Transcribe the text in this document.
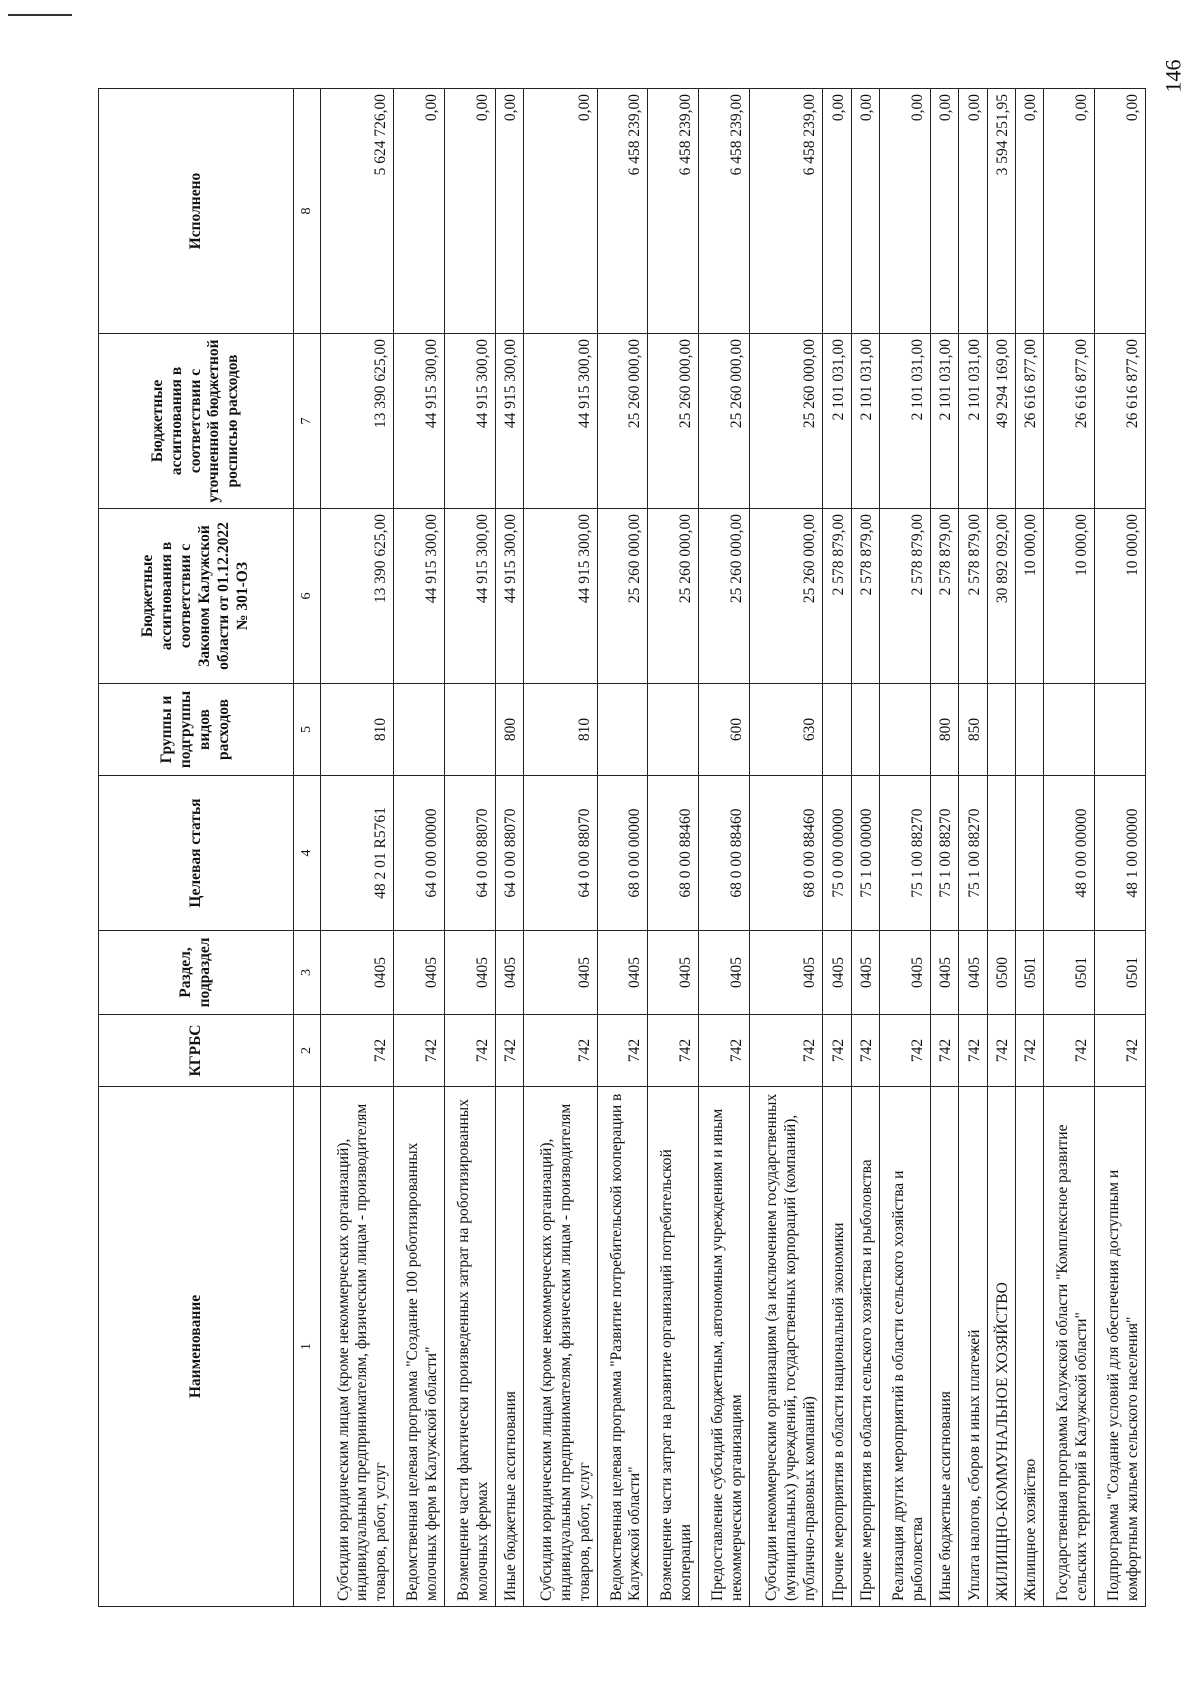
146
Наименование	КГРБС	Раздел, подраздел	Целевая статья	Группы и подгруппы видов расходов	Бюджетные ассигнования в соответствии с Законом Калужской области от 01.12.2022 № 301-ОЗ	Бюджетные ассигнования в соответствии с уточненной бюджетной росписью расходов	Исполнено
1	2	3	4	5	6	7	8
Субсидии юридическим лицам (кроме некоммерческих организаций), индивидуальным предпринимателям, физическим лицам - производителям товаров, работ, услуг	742	0405	48 2 01 R5761	810	13 390 625,00	13 390 625,00	5 624 726,00
Ведомственная целевая программа "Создание 100 роботизированных молочных ферм в Калужской области"	742	0405	64 0 00 00000		44 915 300,00	44 915 300,00	0,00
Возмещение части фактически произведенных затрат на роботизированных молочных фермах	742	0405	64 0 00 88070		44 915 300,00	44 915 300,00	0,00
Иные бюджетные ассигнования	742	0405	64 0 00 88070	800	44 915 300,00	44 915 300,00	0,00
Субсидии юридическим лицам (кроме некоммерческих организаций), индивидуальным предпринимателям, физическим лицам - производителям товаров, работ, услуг	742	0405	64 0 00 88070	810	44 915 300,00	44 915 300,00	0,00
Ведомственная целевая программа "Развитие потребительской кооперации в Калужской области"	742	0405	68 0 00 00000		25 260 000,00	25 260 000,00	6 458 239,00
Возмещение части затрат на развитие организаций потребительской кооперации	742	0405	68 0 00 88460		25 260 000,00	25 260 000,00	6 458 239,00
Предоставление субсидий бюджетным, автономным учреждениям и иным некоммерческим организациям	742	0405	68 0 00 88460	600	25 260 000,00	25 260 000,00	6 458 239,00
Субсидии некоммерческим организациям (за исключением государственных (муниципальных) учреждений, государственных корпораций (компаний), публично-правовых компаний)	742	0405	68 0 00 88460	630	25 260 000,00	25 260 000,00	6 458 239,00
Прочие мероприятия в области национальной экономики	742	0405	75 0 00 00000		2 578 879,00	2 101 031,00	0,00
Прочие мероприятия в области сельского хозяйства и рыболовства	742	0405	75 1 00 00000		2 578 879,00	2 101 031,00	0,00
Реализация других мероприятий в области сельского хозяйства и рыболовства	742	0405	75 1 00 88270		2 578 879,00	2 101 031,00	0,00
Иные бюджетные ассигнования	742	0405	75 1 00 88270	800	2 578 879,00	2 101 031,00	0,00
Уплата налогов, сборов и иных платежей	742	0405	75 1 00 88270	850	2 578 879,00	2 101 031,00	0,00
ЖИЛИЩНО-КОММУНАЛЬНОЕ ХОЗЯЙСТВО	742	0500			30 892 092,00	49 294 169,00	3 594 251,95
Жилищное хозяйство	742	0501			10 000,00	26 616 877,00	0,00
Государственная программа Калужской области "Комплексное развитие сельских территорий в Калужской области"	742	0501	48 0 00 00000		10 000,00	26 616 877,00	0,00
Подпрограмма "Создание условий для обеспечения доступным и комфортным жильем сельского населения"	742	0501	48 1 00 00000		10 000,00	26 616 877,00	0,00
